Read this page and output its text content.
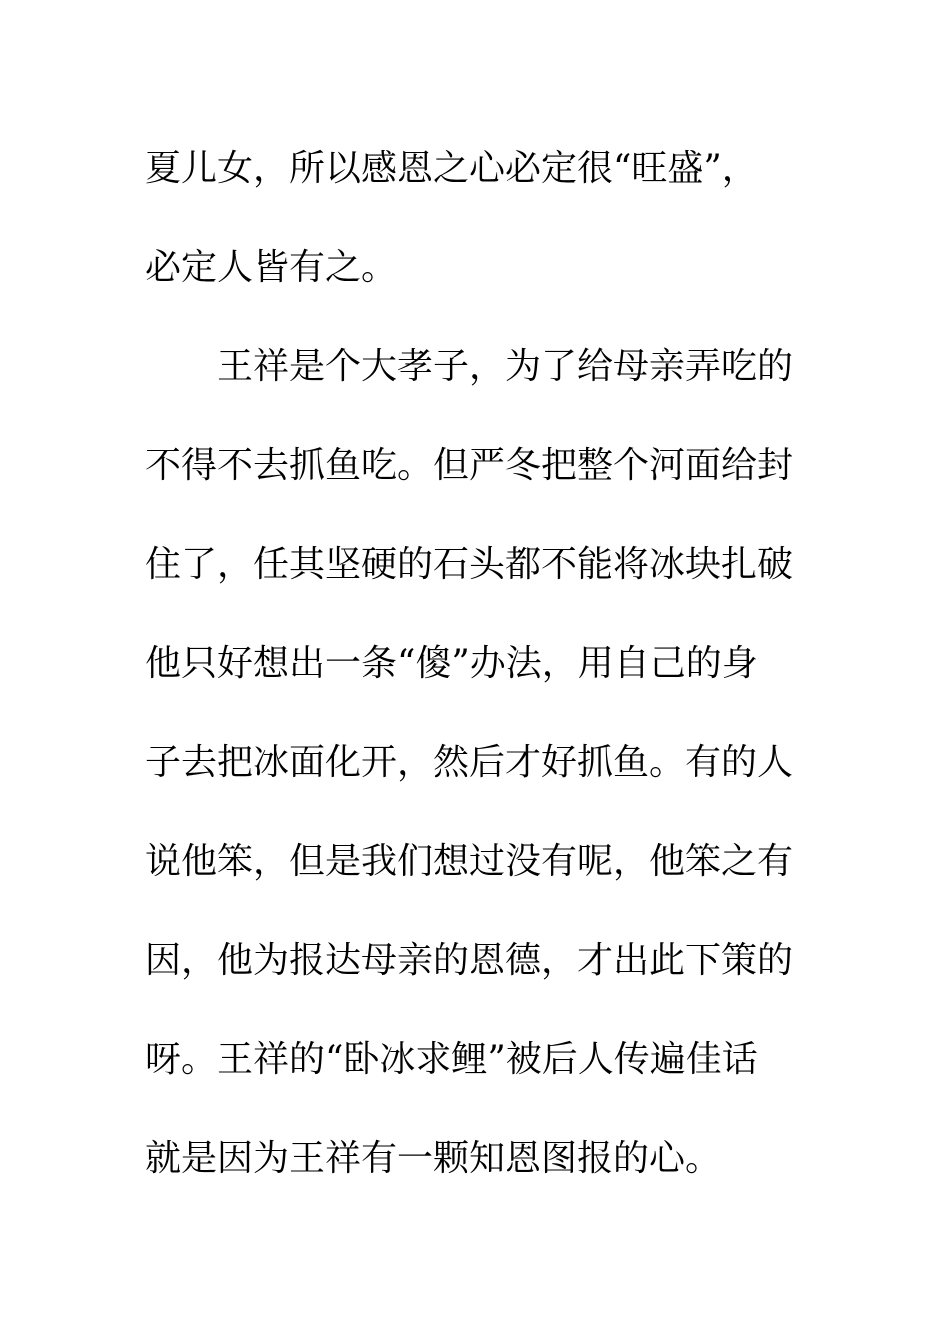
夏儿女，所以感恩之心必定很“旺盛”，
必定人皆有之。
　　王祥是个大孝子，为了给母亲弄吃的
不得不去抓鱼吃。但严冬把整个河面给封
住了，任其坚硬的石头都不能将冰块扎破
他只好想出一条“傻”办法，用自己的身
子去把冰面化开，然后才好抓鱼。有的人
说他笨，但是我们想过没有呢，他笨之有
因，他为报达母亲的恩德，才出此下策的
呀。王祥的“卧冰求鲤”被后人传遍佳话
就是因为王祥有一颗知恩图报的心。
